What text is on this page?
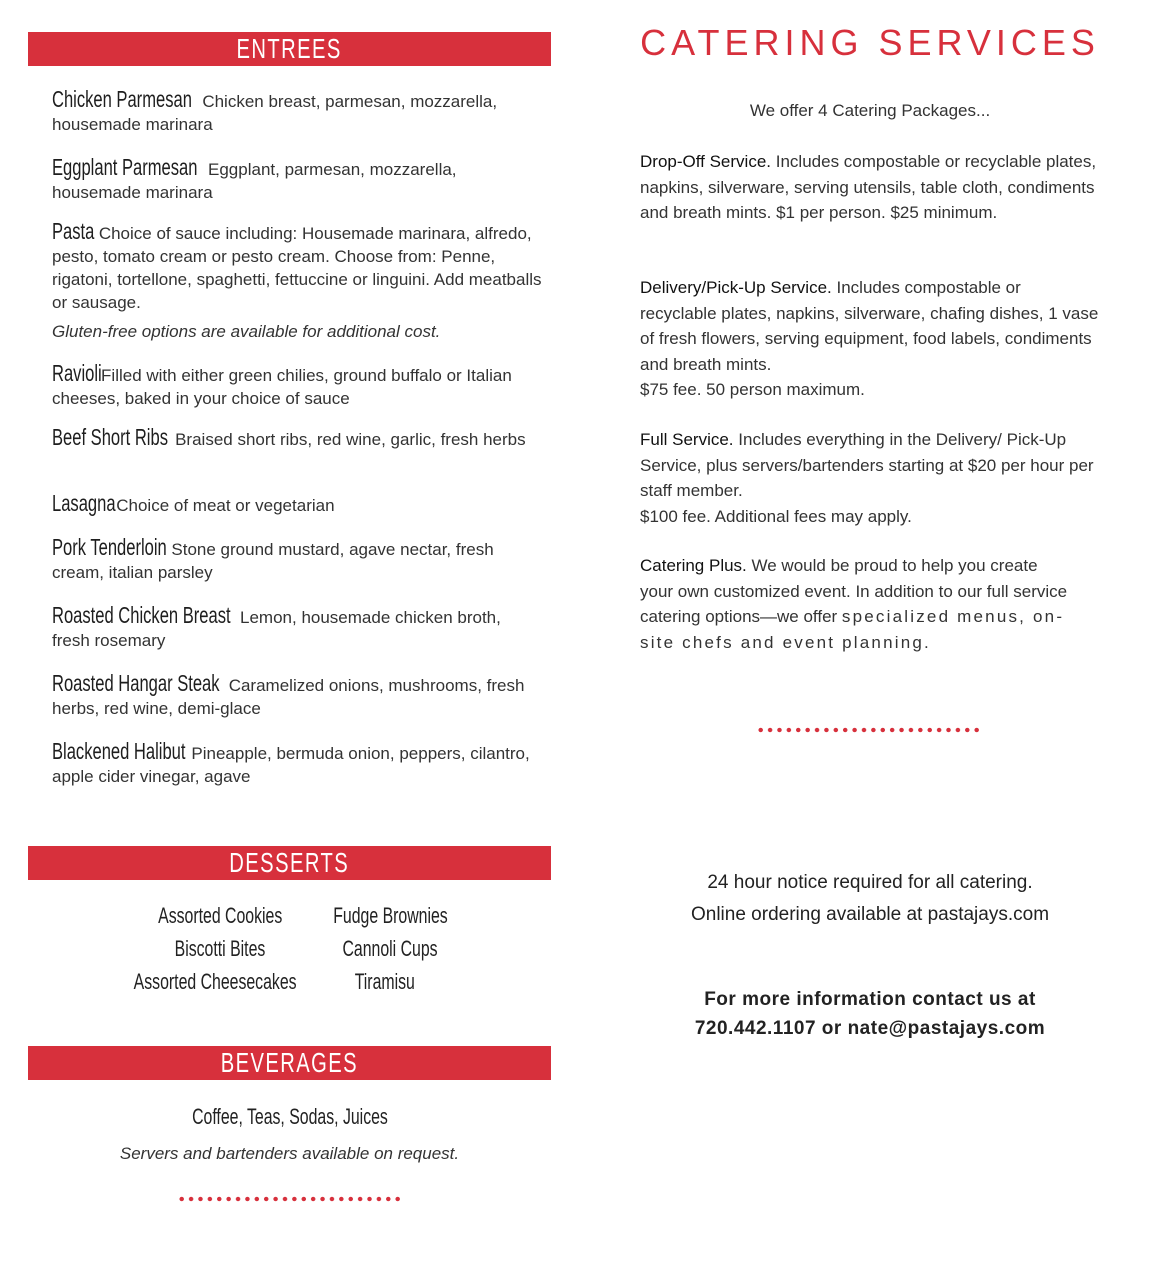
ENTREES
Chicken Parmesan Chicken breast, parmesan, mozzarella, housemade marinara
Eggplant Parmesan Eggplant, parmesan, mozzarella, housemade marinara
Pasta Choice of sauce including: Housemade marinara, alfredo, pesto, tomato cream or pesto cream. Choose from: Penne, rigatoni, tortellone, spaghetti, fettuccine or linguini. Add meatballs or sausage.
Gluten-free options are available for additional cost.
RavioliFilled with either green chilies, ground buffalo or Italian cheeses, baked in your choice of sauce
Beef Short Ribs Braised short ribs, red wine, garlic, fresh herbs
LasagnaChoice of meat or vegetarian
Pork Tenderloin Stone ground mustard, agave nectar, fresh cream, italian parsley
Roasted Chicken Breast Lemon, housemade chicken broth, fresh rosemary
Roasted Hangar Steak Caramelized onions, mushrooms, fresh herbs, red wine, demi-glace
Blackened Halibut Pineapple, bermuda onion, peppers, cilantro, apple cider vinegar, agave
DESSERTS
Assorted Cookies
Biscotti Bites
Assorted Cheesecakes
Fudge Brownies
Cannoli Cups
Tiramisu
BEVERAGES
Coffee, Teas, Sodas, Juices
Servers and bartenders available on request.
CATERING SERVICES
We offer 4 Catering Packages...
Drop-Off Service. Includes compostable or recyclable plates, napkins, silverware, serving utensils, table cloth, condiments and breath mints. $1 per person. $25 minimum.
Delivery/Pick-Up Service. Includes compostable or recyclable plates, napkins, silverware, chafing dishes, 1 vase of fresh flowers, serving equipment, food labels, condiments and breath mints.
$75 fee. 50 person maximum.
Full Service. Includes everything in the Delivery/ Pick-Up Service, plus servers/bartenders starting at $20 per hour per staff member.
$100 fee. Additional fees may apply.
Catering Plus. We would be proud to help you create your own customized event. In addition to our full service catering options—we offer specialized menus, on-site chefs and event planning.
24 hour notice required for all catering.
Online ordering available at pastajays.com
For more information contact us at
720.442.1107 or nate@pastajays.com
